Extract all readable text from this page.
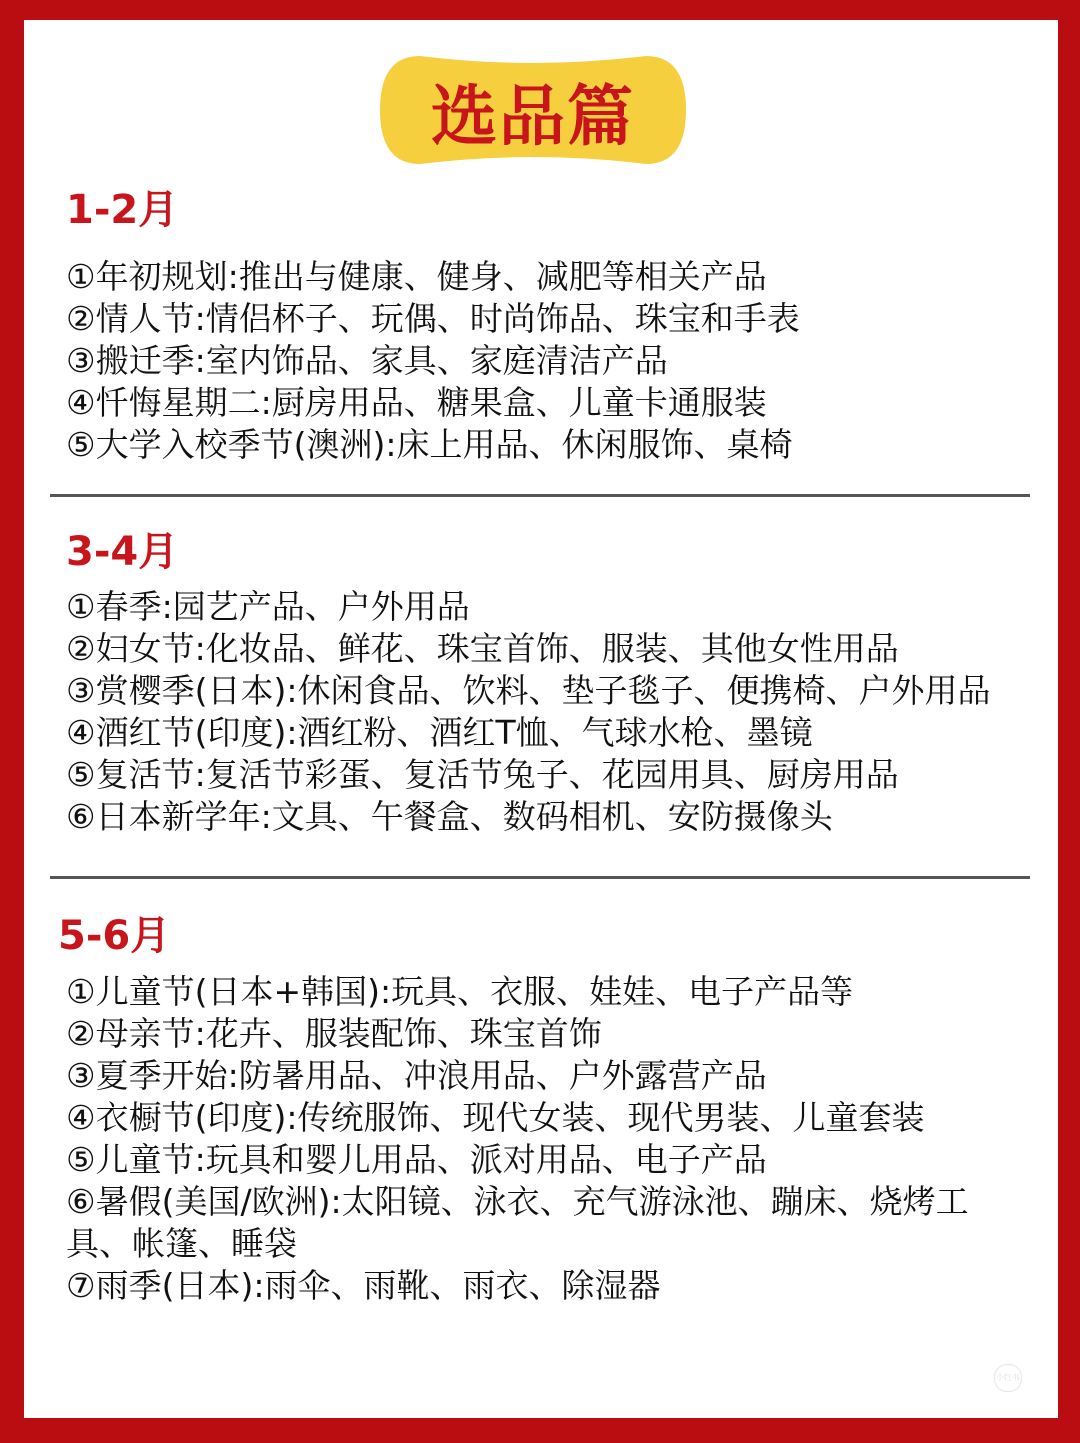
选品篇
1-2月
①年初规划:推出与健康、健身、减肥等相关产品
②情人节:情侣杯子、玩偶、时尚饰品、珠宝和手表
③搬迁季:室内饰品、家具、家庭清洁产品
④忏悔星期二:厨房用品、糖果盒、儿童卡通服装
⑤大学入校季节(澳洲):床上用品、休闲服饰、桌椅
3-4月
①春季:园艺产品、户外用品
②妇女节:化妆品、鲜花、珠宝首饰、服装、其他女性用品
③赏樱季(日本):休闲食品、饮料、垫子毯子、便携椅、户外用品
④酒红节(印度):酒红粉、酒红T恤、气球水枪、墨镜
⑤复活节:复活节彩蛋、复活节兔子、花园用具、厨房用品
⑥日本新学年:文具、午餐盒、数码相机、安防摄像头
5-6月
①儿童节(日本+韩国):玩具、衣服、娃娃、电子产品等
②母亲节:花卉、服装配饰、珠宝首饰
③夏季开始:防暑用品、冲浪用品、户外露营产品
④衣橱节(印度):传统服饰、现代女装、现代男装、儿童套装
⑤儿童节:玩具和婴儿用品、派对用品、电子产品
⑥暑假(美国/欧洲):太阳镜、泳衣、充气游泳池、蹦床、烧烤工具、帐篷、睡袋
⑦雨季(日本):雨伞、雨靴、雨衣、除湿器
小红书
